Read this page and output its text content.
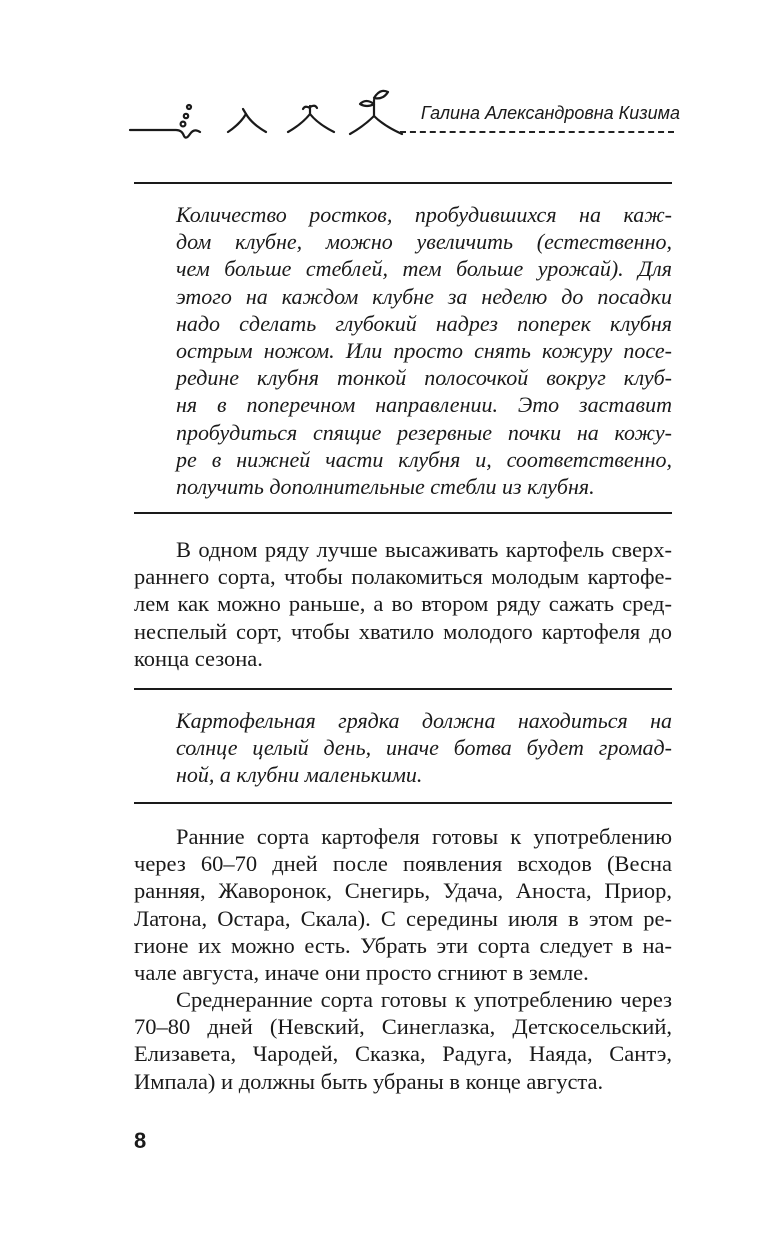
Галина Александровна Кизима
Количество ростков, пробудившихся на каж-
дом клубне, можно увеличить (естественно,
чем больше стеблей, тем больше урожай). Для
этого на каждом клубне за неделю до посадки
надо сделать глубокий надрез поперек клубня
острым ножом. Или просто снять кожуру посе-
редине клубня тонкой полосочкой вокруг клуб-
ня в поперечном направлении. Это заставит
пробудиться спящие резервные почки на кожу-
ре в нижней части клубня и, соответственно,
получить дополнительные стебли из клубня.
В одном ряду лучше высаживать картофель сверх-
раннего сорта, чтобы полакомиться молодым картофе-
лем как можно раньше, а во втором ряду сажать сред-
неспелый сорт, чтобы хватило молодого картофеля до
конца сезона.
Картофельная грядка должна находиться на
солнце целый день, иначе ботва будет громад-
ной, а клубни маленькими.
Ранние сорта картофеля готовы к употреблению
через 60–70 дней после появления всходов (Весна
ранняя, Жаворонок, Снегирь, Удача, Аноста, Приор,
Латона, Остара, Скала). С середины июля в этом ре-
гионе их можно есть. Убрать эти сорта следует в на-
чале августа, иначе они просто сгниют в земле.
Среднеранние сорта готовы к употреблению через
70–80 дней (Невский, Синеглазка, Детскосельский,
Елизавета, Чародей, Сказка, Радуга, Наяда, Сантэ,
Импала) и должны быть убраны в конце августа.
8
